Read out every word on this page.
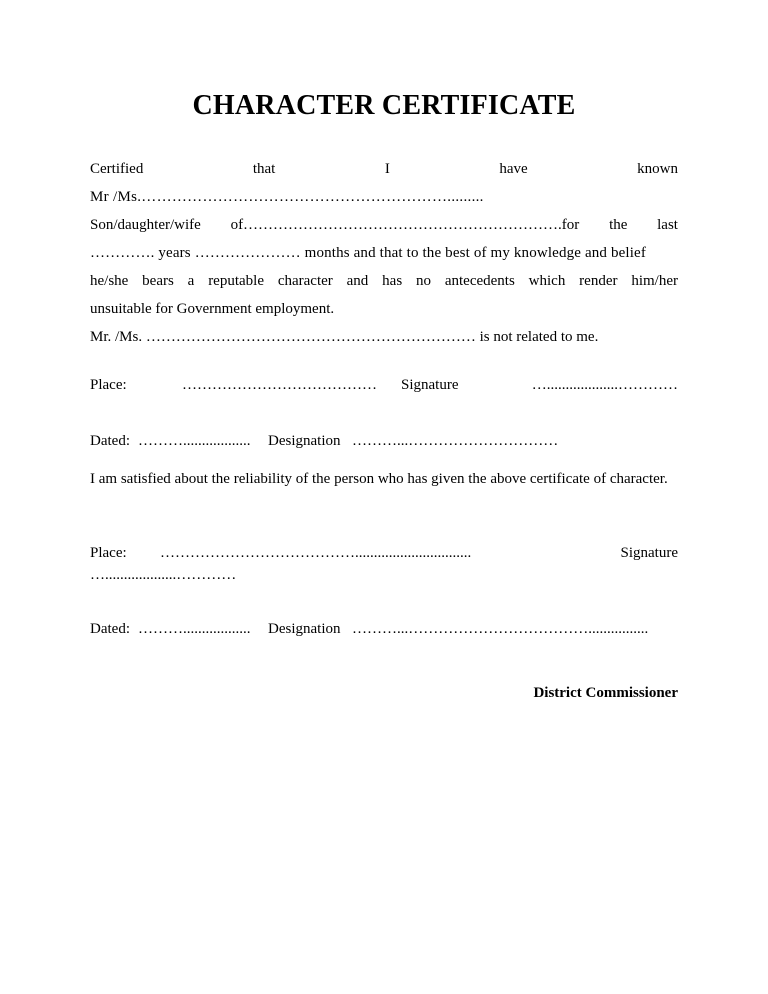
CHARACTER CERTIFICATE
Certified	that	I	have	known
Mr /Ms.…………………………………………………….........
Son/daughter/wife of……………………………………………………….for the last
…………. years ………………… months and that to the best of my knowledge and belief
he/she bears a reputable character and has no antecedents which render him/her
unsuitable for Government employment.
Mr. /Ms. ………………………………………………………… is not related to me.
Place:	………………………………… Signature	…...................…………
Dated: ……….................. Designation ………...…………………………
I am satisfied about the reliability of the person who has given the above certificate of character.
Place: …………………………………...............................	Signature
…...................…………
Dated: ……….................. Designation ………...………………………………................
District Commissioner
